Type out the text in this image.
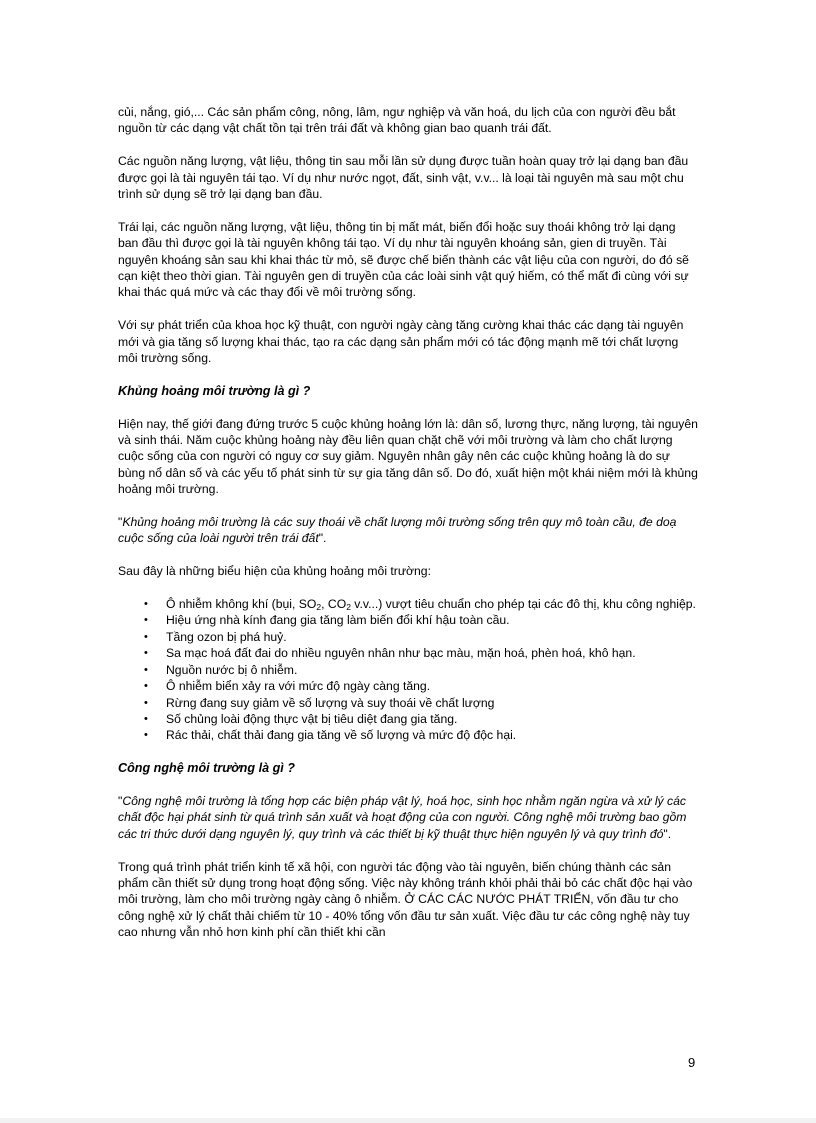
củi, nắng, gió,... Các sản phẩm công, nông, lâm, ngư nghiệp và văn hoá, du lịch của con người đều bắt nguồn từ các dạng vật chất tồn tại trên trái đất và không gian bao quanh trái đất.

Các nguồn năng lượng, vật liệu, thông tin sau mỗi lần sử dụng được tuần hoàn quay trở lại dạng ban đầu được gọi là tài nguyên tái tạo. Ví dụ như nước ngọt, đất, sinh vật, v.v... là loại tài nguyên mà sau một chu trình sử dụng sẽ trở lại dạng ban đầu.

Trái lại, các nguồn năng lượng, vật liệu, thông tin bị mất mát, biến đổi hoặc suy thoái không trở lại dạng ban đầu thì được gọi là tài nguyên không tái tạo. Ví dụ như tài nguyên khoáng sản, gien di truyền. Tài nguyên khoáng sản sau khi khai thác từ mỏ, sẽ được chế biến thành các vật liệu của con người, do đó sẽ cạn kiệt theo thời gian. Tài nguyên gen di truyền của các loài sinh vật quý hiếm, có thể mất đi cùng với sự khai thác quá mức và các thay đổi về môi trường sống.

Với sự phát triển của khoa học kỹ thuật, con người ngày càng tăng cường khai thác các dạng tài nguyên mới và gia tăng số lượng khai thác, tạo ra các dạng sản phẩm mới có tác động mạnh mẽ tới chất lượng môi trường sống.

Khủng hoảng môi trường là gì ?

Hiện nay, thế giới đang đứng trước 5 cuộc khủng hoảng lớn là: dân số, lương thực, năng lượng, tài nguyên và sinh thái. Năm cuộc khủng hoảng này đều liên quan chặt chẽ với môi trường và làm cho chất lượng cuộc sống của con người có nguy cơ suy giảm. Nguyên nhân gây nên các cuộc khủng hoảng là do sự bùng nổ dân số và các yếu tố phát sinh từ sự gia tăng dân số. Do đó, xuất hiện một khái niệm mới là khủng hoảng môi trường.

"Khủng hoảng môi trường là các suy thoái về chất lượng môi trường sống trên quy mô toàn cầu, đe doạ cuộc sống của loài người trên trái đất".

Sau đây là những biểu hiện của khủng hoảng môi trường:

• Ô nhiễm không khí (bụi, $SO_2$, $CO_2$ v.v...) vượt tiêu chuẩn cho phép tại các đô thị, khu công nghiệp.
• Hiệu ứng nhà kính đang gia tăng làm biến đổi khí hậu toàn cầu.
• Tầng ozon bị phá huỷ.
• Sa mạc hoá đất đai do nhiều nguyên nhân như bạc màu, mặn hoá, phèn hoá, khô hạn.
• Nguồn nước bị ô nhiễm.
• Ô nhiễm biển xảy ra với mức độ ngày càng tăng.
• Rừng đang suy giảm về số lượng và suy thoái về chất lượng
• Số chủng loài động thực vật bị tiêu diệt đang gia tăng.
• Rác thải, chất thải đang gia tăng về số lượng và mức độ độc hại.

Công nghệ môi trường là gì ?

"Công nghệ môi trường là tổng hợp các biện pháp vật lý, hoá học, sinh học nhằm ngăn ngừa và xử lý các chất độc hại phát sinh từ quá trình sản xuất và hoạt động của con người. Công nghệ môi trường bao gồm các tri thức dưới dạng nguyên lý, quy trình và các thiết bị kỹ thuật thực hiện nguyên lý và quy trình đó".

Trong quá trình phát triển kinh tế xã hội, con người tác động vào tài nguyên, biến chúng thành các sản phẩm cần thiết sử dụng trong hoạt động sống. Việc này không tránh khỏi phải thải bỏ các chất độc hại vào môi trường, làm cho môi trường ngày càng ô nhiễm. Ở CÁC CÁC NƯỚC PHÁT TRIỂN, vốn đầu tư cho công nghệ xử lý chất thải chiếm từ 10 - 40% tổng vốn đầu tư sản xuất. Việc đầu tư các công nghệ này tuy cao nhưng vẫn nhỏ hơn kinh phí cần thiết khi cần

9
